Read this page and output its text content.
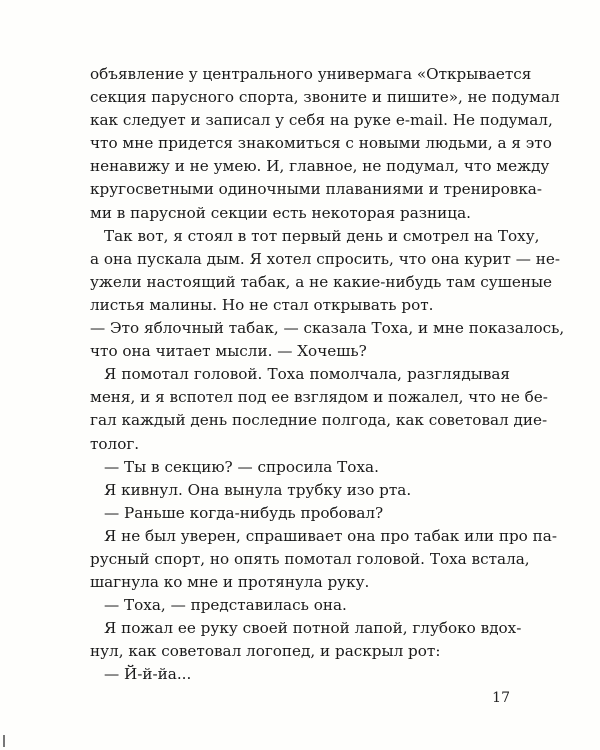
объявление у центрального универмага «Открывается
секция парусного спорта, звоните и пишите», не подумал
как следует и записал у себя на руке e-mail. Не подумал,
что мне придется знакомиться с новыми людьми, а я это
ненавижу и не умею. И, главное, не подумал, что между
кругосветными одиночными плаваниями и тренировка-
ми в парусной секции есть некоторая разница.
Так вот, я стоял в тот первый день и смотрел на Тоху,
а она пускала дым. Я хотел спросить, что она курит — не-
ужели настоящий табак, а не какие-нибудь там сушеные
листья малины. Но не стал открывать рот.
— Это яблочный табак, — сказала Тоха, и мне показалось,
что она читает мысли. — Хочешь?
Я помотал головой. Тоха помолчала, разглядывая
меня, и я вспотел под ее взглядом и пожалел, что не бе-
гал каждый день последние полгода, как советовал дие-
толог.
— Ты в секцию? — спросила Тоха.
Я кивнул. Она вынула трубку изо рта.
— Раньше когда-нибудь пробовал?
Я не был уверен, спрашивает она про табак или про па-
русный спорт, но опять помотал головой. Тоха встала,
шагнула ко мне и протянула руку.
— Тоха, — представилась она.
Я пожал ее руку своей потной лапой, глубоко вдох-
нул, как советовал логопед, и раскрыл рот:
— Й-й-йа...
17
